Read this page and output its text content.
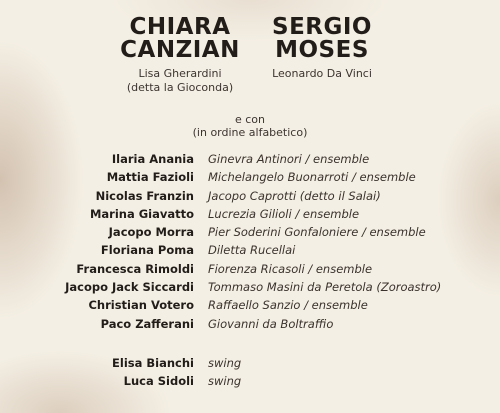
CHIARA
CANZIAN
Lisa Gherardini
(detta la Gioconda)
SERGIO
MOSES
Leonardo Da Vinci
e con
(in ordine alfabetico)
Ilaria Anania Ginevra Antinori / ensemble
Mattia Fazioli Michelangelo Buonarroti / ensemble
Nicolas Franzin Jacopo Caprotti (detto il Salai)
Marina Giavatto Lucrezia Gilioli / ensemble
Jacopo Morra Pier Soderini Gonfaloniere / ensemble
Floriana Poma Diletta Rucellai
Francesca Rimoldi Fiorenza Ricasoli / ensemble
Jacopo Jack Siccardi Tommaso Masini da Peretola (Zoroastro)
Christian Votero Raffaello Sanzio / ensemble
Paco Zafferani Giovanni da Boltraffio
Elisa Bianchi swing
Luca Sidoli swing
